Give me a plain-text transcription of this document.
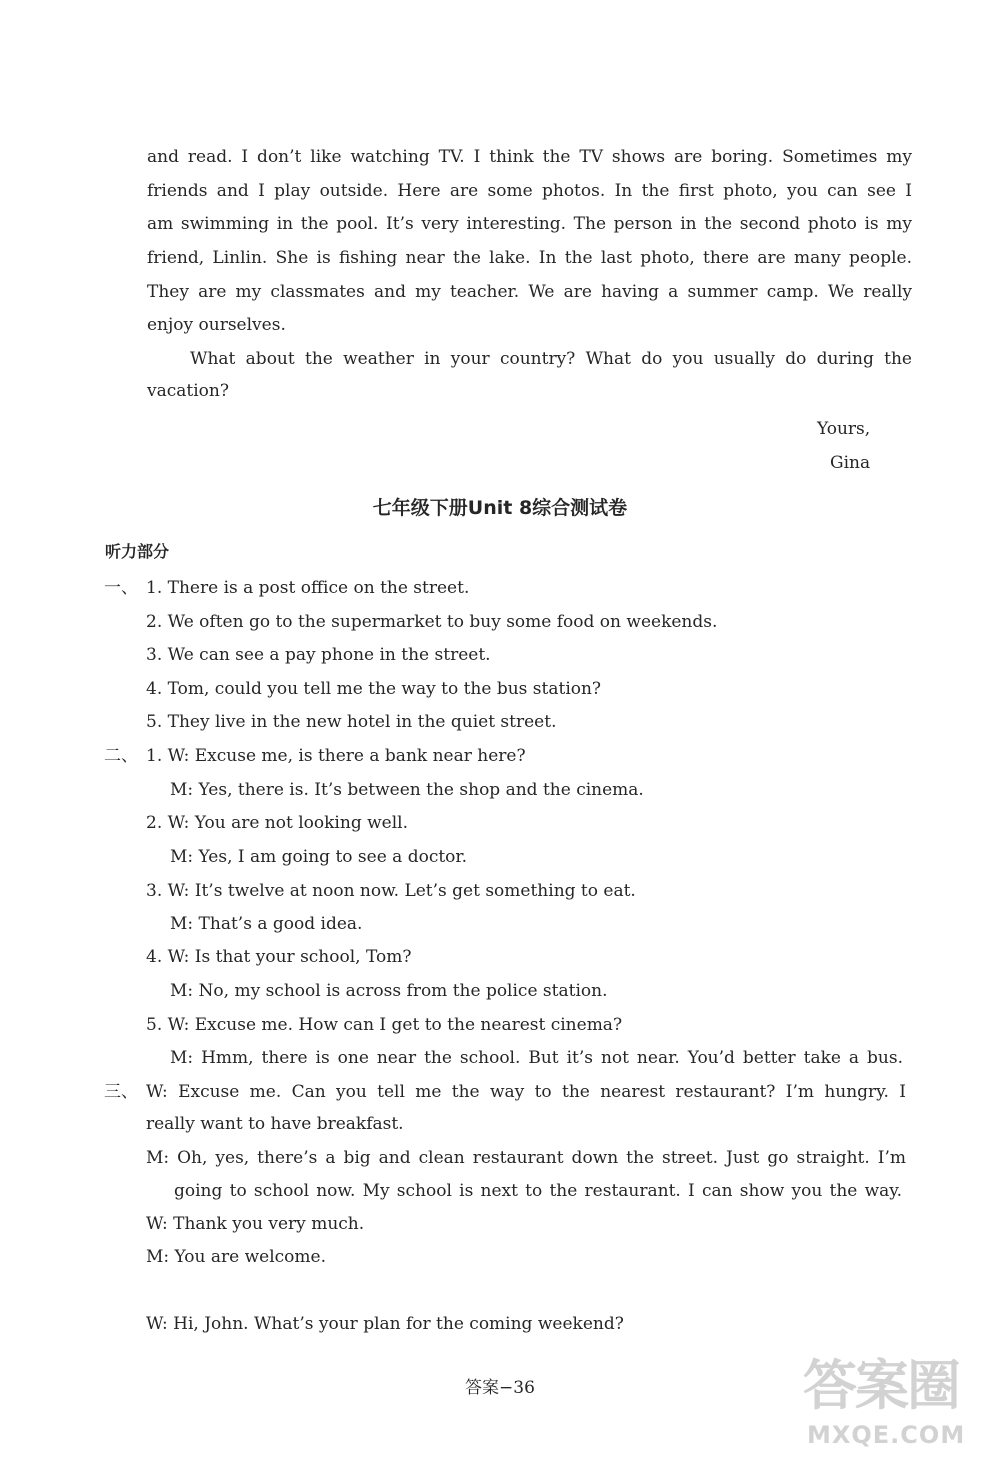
and read. I don’t like watching TV. I think the TV shows are boring. Sometimes my
friends and I play outside. Here are some photos. In the first photo, you can see I
am swimming in the pool. It’s very interesting. The person in the second photo is my
friend, Linlin. She is fishing near the lake. In the last photo, there are many people.
They are my classmates and my teacher. We are having a summer camp. We really
enjoy ourselves.
What about the weather in your country? What do you usually do during the
vacation?
Yours,
Gina
七年级下册Unit 8综合测试卷
听力部分
一、 1. There is a post office on the street.
2. We often go to the supermarket to buy some food on weekends.
3. We can see a pay phone in the street.
4. Tom, could you tell me the way to the bus station?
5. They live in the new hotel in the quiet street.
二、 1. W: Excuse me, is there a bank near here?
M: Yes, there is. It’s between the shop and the cinema.
2. W: You are not looking well.
M: Yes, I am going to see a doctor.
3. W: It’s twelve at noon now. Let’s get something to eat.
M: That’s a good idea.
4. W: Is that your school, Tom?
M: No, my school is across from the police station.
5. W: Excuse me. How can I get to the nearest cinema?
M: Hmm, there is one near the school. But it’s not near. You’d better take a bus.
三、 W: Excuse me. Can you tell me the way to the nearest restaurant? I’m hungry. I
really want to have breakfast.
M: Oh, yes, there’s a big and clean restaurant down the street. Just go straight. I’m
going to school now. My school is next to the restaurant. I can show you the way.
W: Thank you very much.
M: You are welcome.
W: Hi, John. What’s your plan for the coming weekend?
答案−36	答案圈
MXQE.COM
